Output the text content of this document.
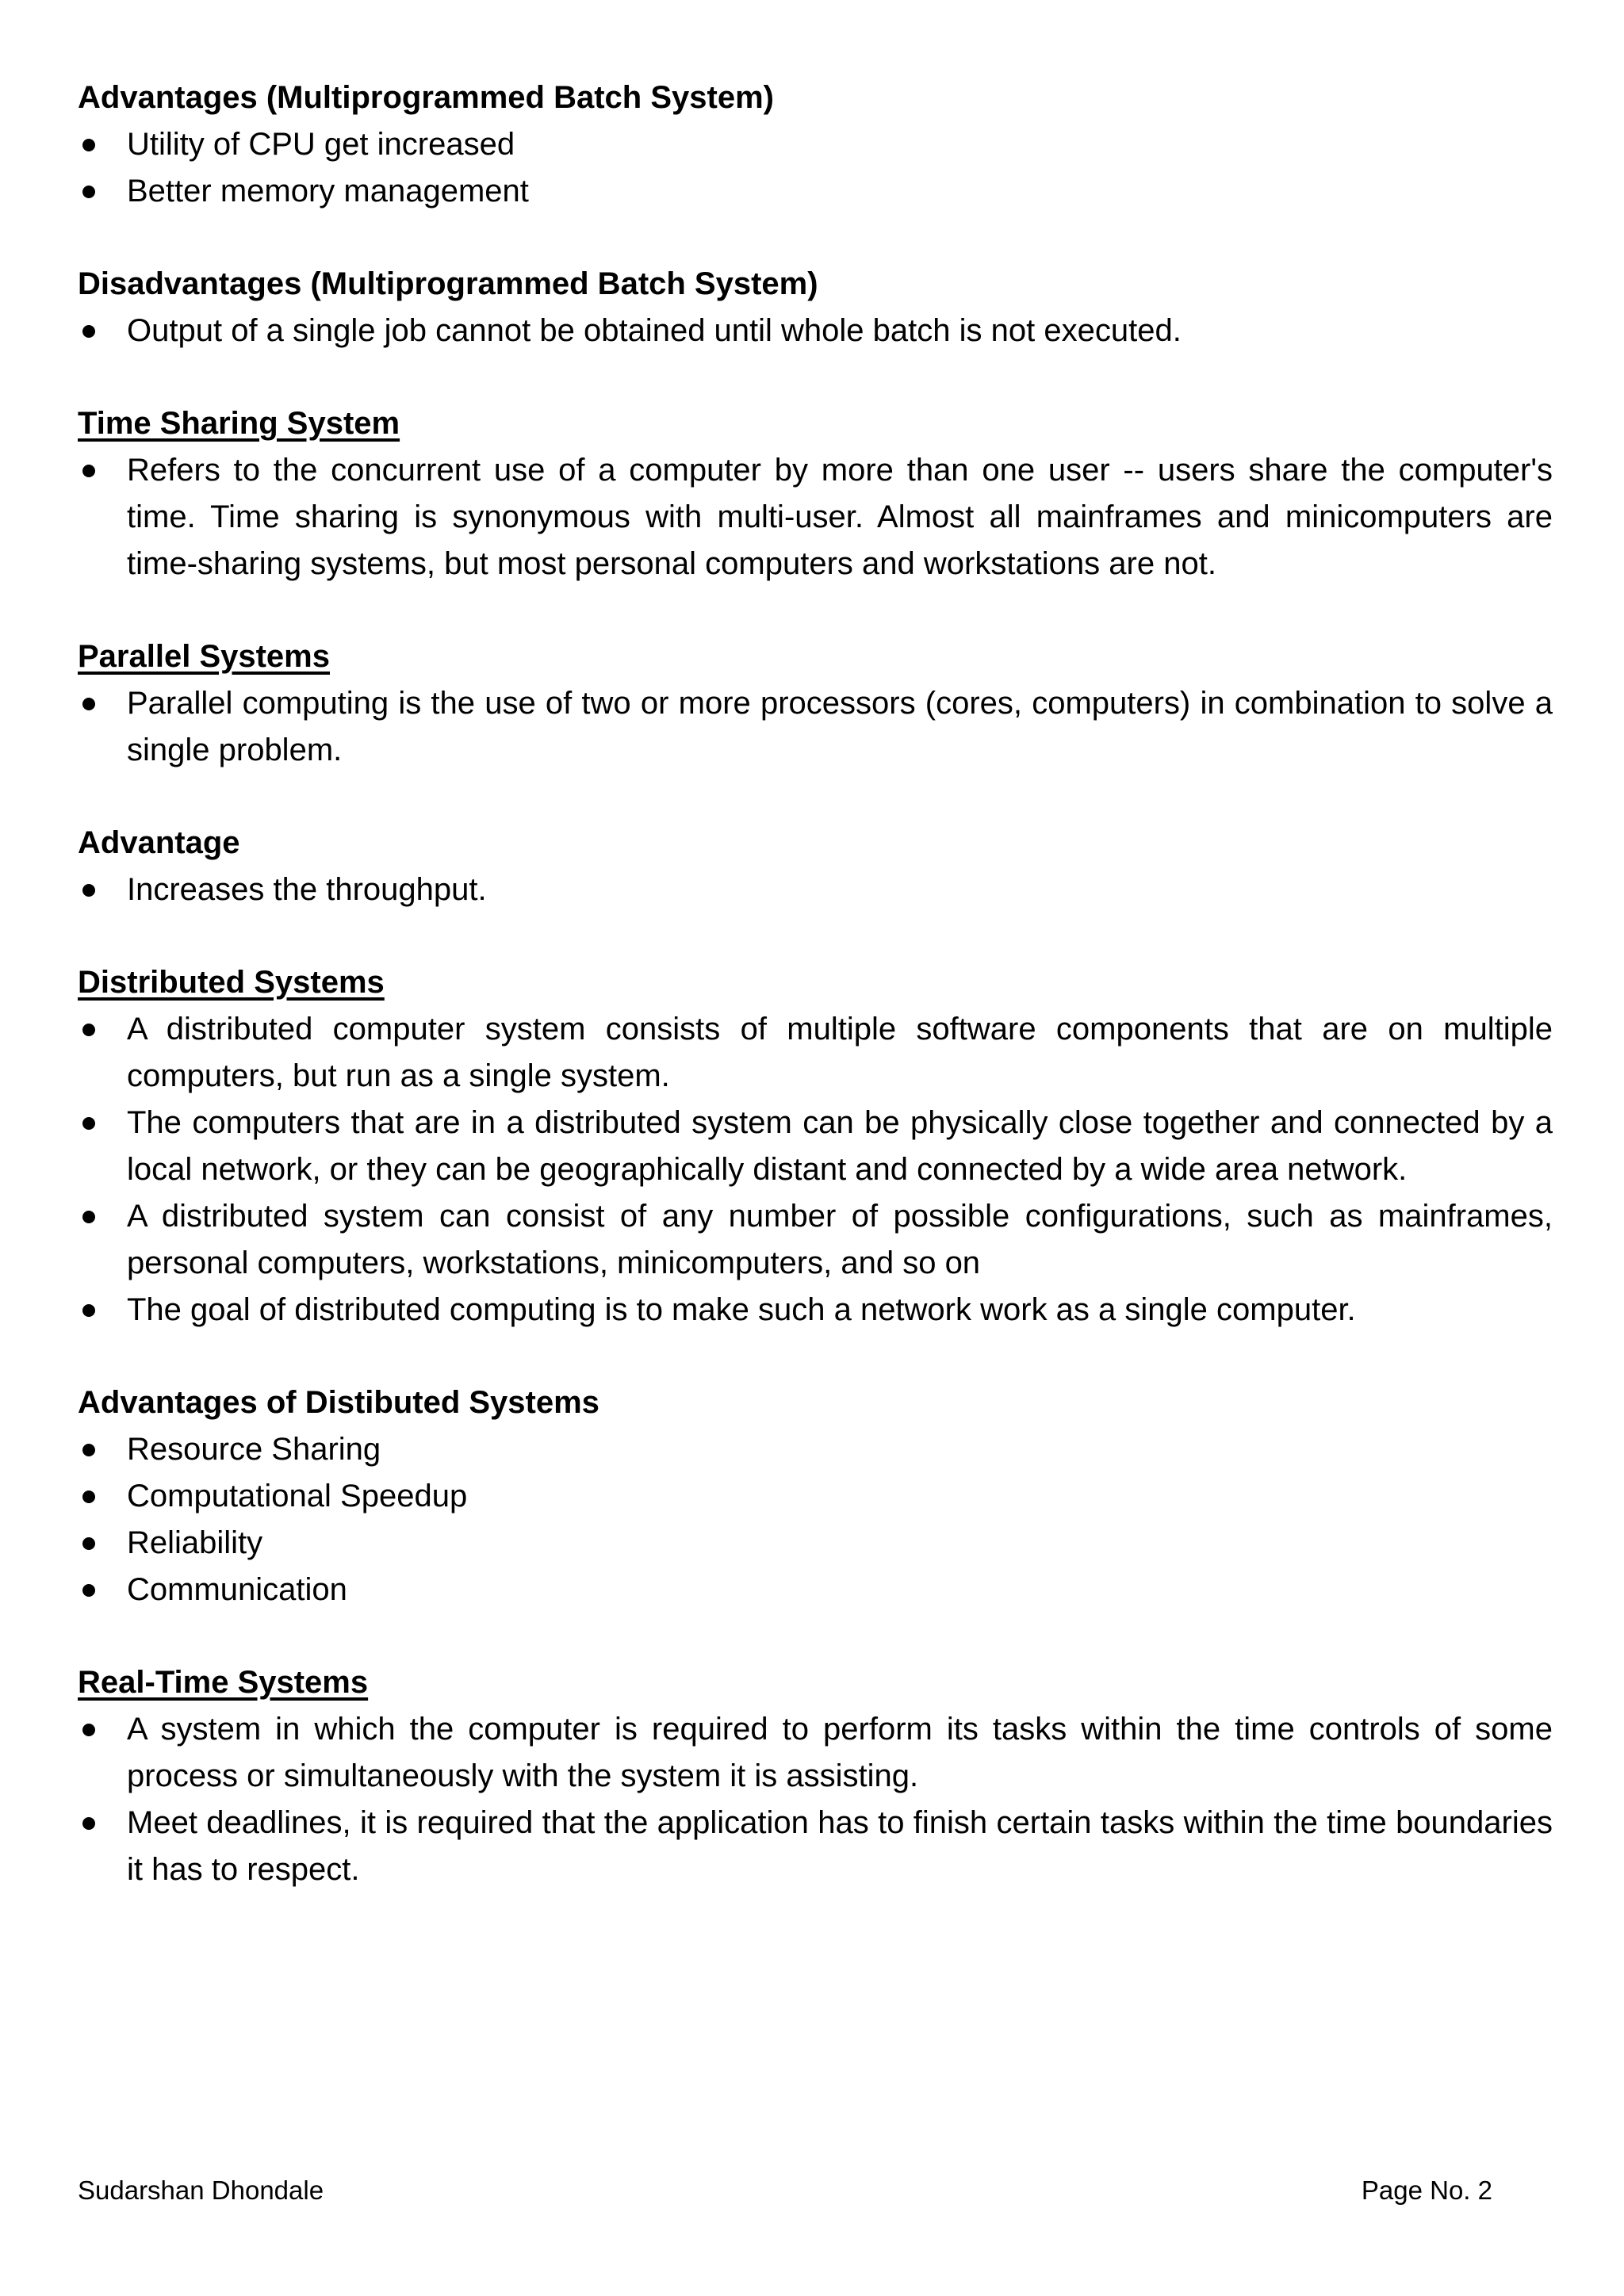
Advantages (Multiprogrammed Batch System)

Utility of CPU get increased
Better memory management

Disadvantages (Multiprogrammed Batch System)

Output of a single job cannot be obtained until whole batch is not executed.

Time Sharing System

Refers to the concurrent use of a computer by more than one user -- users share the computer's time. Time sharing is synonymous with multi-user. Almost all mainframes and minicomputers are time-sharing systems, but most personal computers and workstations are not.

Parallel Systems

Parallel computing is the use of two or more processors (cores, computers) in combination to solve a single problem.

Advantage

Increases the throughput.

Distributed Systems

A distributed computer system consists of multiple software components that are on multiple computers, but run as a single system.
The computers that are in a distributed system can be physically close together and connected by a local network, or they can be geographically distant and connected by a wide area network.
A distributed system can consist of any number of possible configurations, such as mainframes, personal computers, workstations, minicomputers, and so on
The goal of distributed computing is to make such a network work as a single computer.

Advantages of Distibuted Systems

Resource Sharing
Computational Speedup
Reliability
Communication

Real-Time Systems

A system in which the computer is required to perform its tasks within the time controls of some process or simultaneously with the system it is assisting.
Meet deadlines, it is required that the application has to finish certain tasks within the time boundaries it has to respect.
Sudarshan Dhondale	Page No. 2
